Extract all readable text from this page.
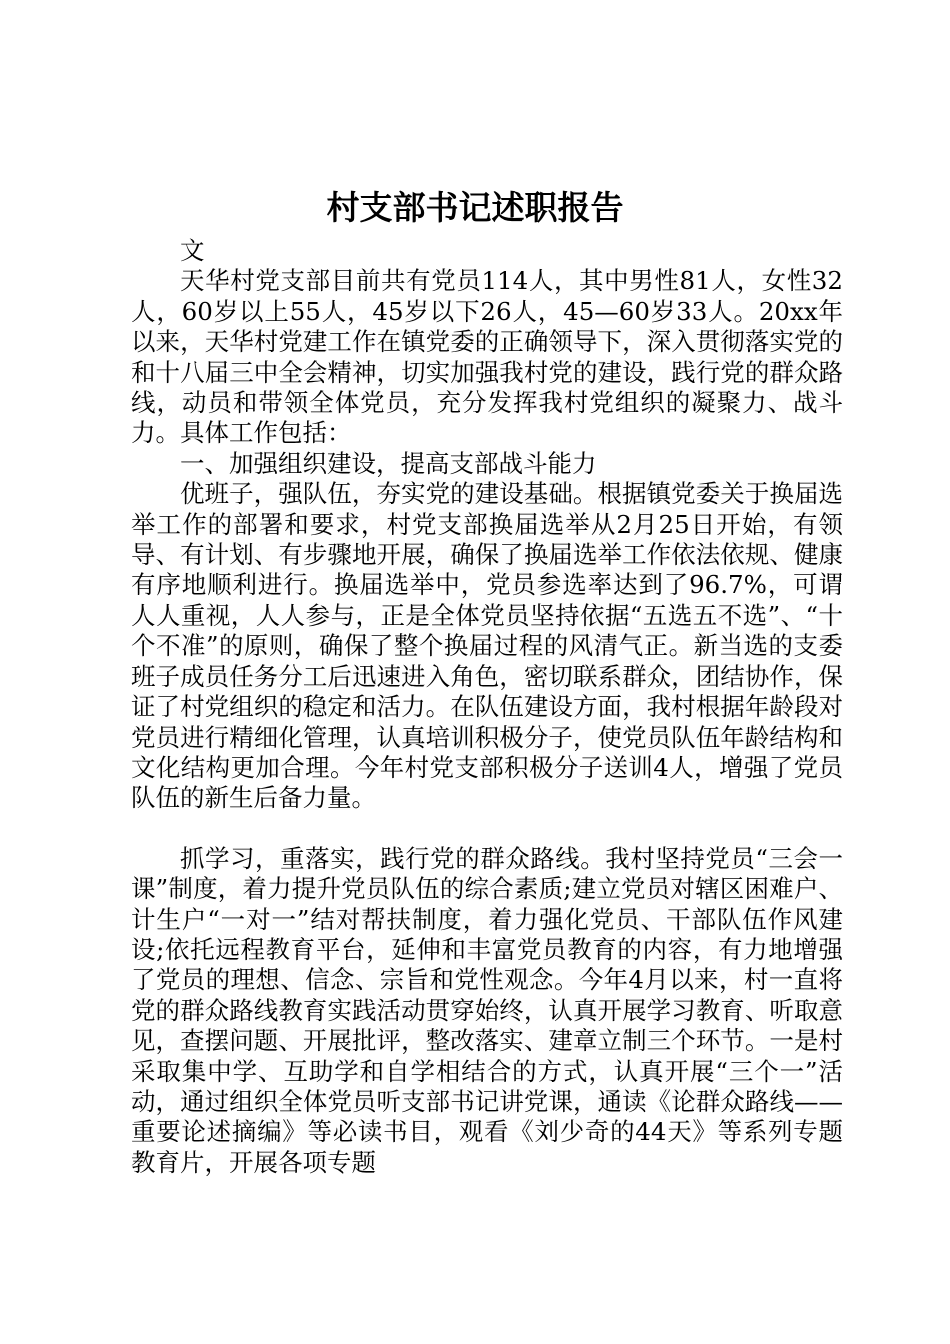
村支部书记述职报告

文

天华村党支部目前共有党员114人，其中男性81人，女性32人，60岁以上55人，45岁以下26人，45—60岁33人。20xx年以来，天华村党建工作在镇党委的正确领导下，深入贯彻落实党的和十八届三中全会精神，切实加强我村党的建设，践行党的群众路线，动员和带领全体党员，充分发挥我村党组织的凝聚力、战斗力。具体工作包括：

一、加强组织建设，提高支部战斗能力

优班子，强队伍，夯实党的建设基础。根据镇党委关于换届选举工作的部署和要求，村党支部换届选举从2月25日开始，有领导、有计划、有步骤地开展，确保了换届选举工作依法依规、健康有序地顺利进行。换届选举中，党员参选率达到了96.7%，可谓人人重视，人人参与，正是全体党员坚持依据“五选五不选”、“十个不准”的原则，确保了整个换届过程的风清气正。新当选的支委班子成员任务分工后迅速进入角色，密切联系群众，团结协作，保证了村党组织的稳定和活力。在队伍建设方面，我村根据年龄段对党员进行精细化管理，认真培训积极分子，使党员队伍年龄结构和文化结构更加合理。今年村党支部积极分子送训4人，增强了党员队伍的新生后备力量。

抓学习，重落实，践行党的群众路线。我村坚持党员“三会一课”制度，着力提升党员队伍的综合素质;建立党员对辖区困难户、计生户“一对一”结对帮扶制度，着力强化党员、干部队伍作风建设;依托远程教育平台，延伸和丰富党员教育的内容，有力地增强了党员的理想、信念、宗旨和党性观念。今年4月以来，村一直将党的群众路线教育实践活动贯穿始终，认真开展学习教育、听取意见，查摆问题、开展批评，整改落实、建章立制三个环节。一是村采取集中学、互助学和自学相结合的方式，认真开展“三个一”活动，通过组织全体党员听支部书记讲党课，通读《论群众路线——重要论述摘编》等必读书目，观看《刘少奇的44天》等系列专题教育片，开展各项专题
